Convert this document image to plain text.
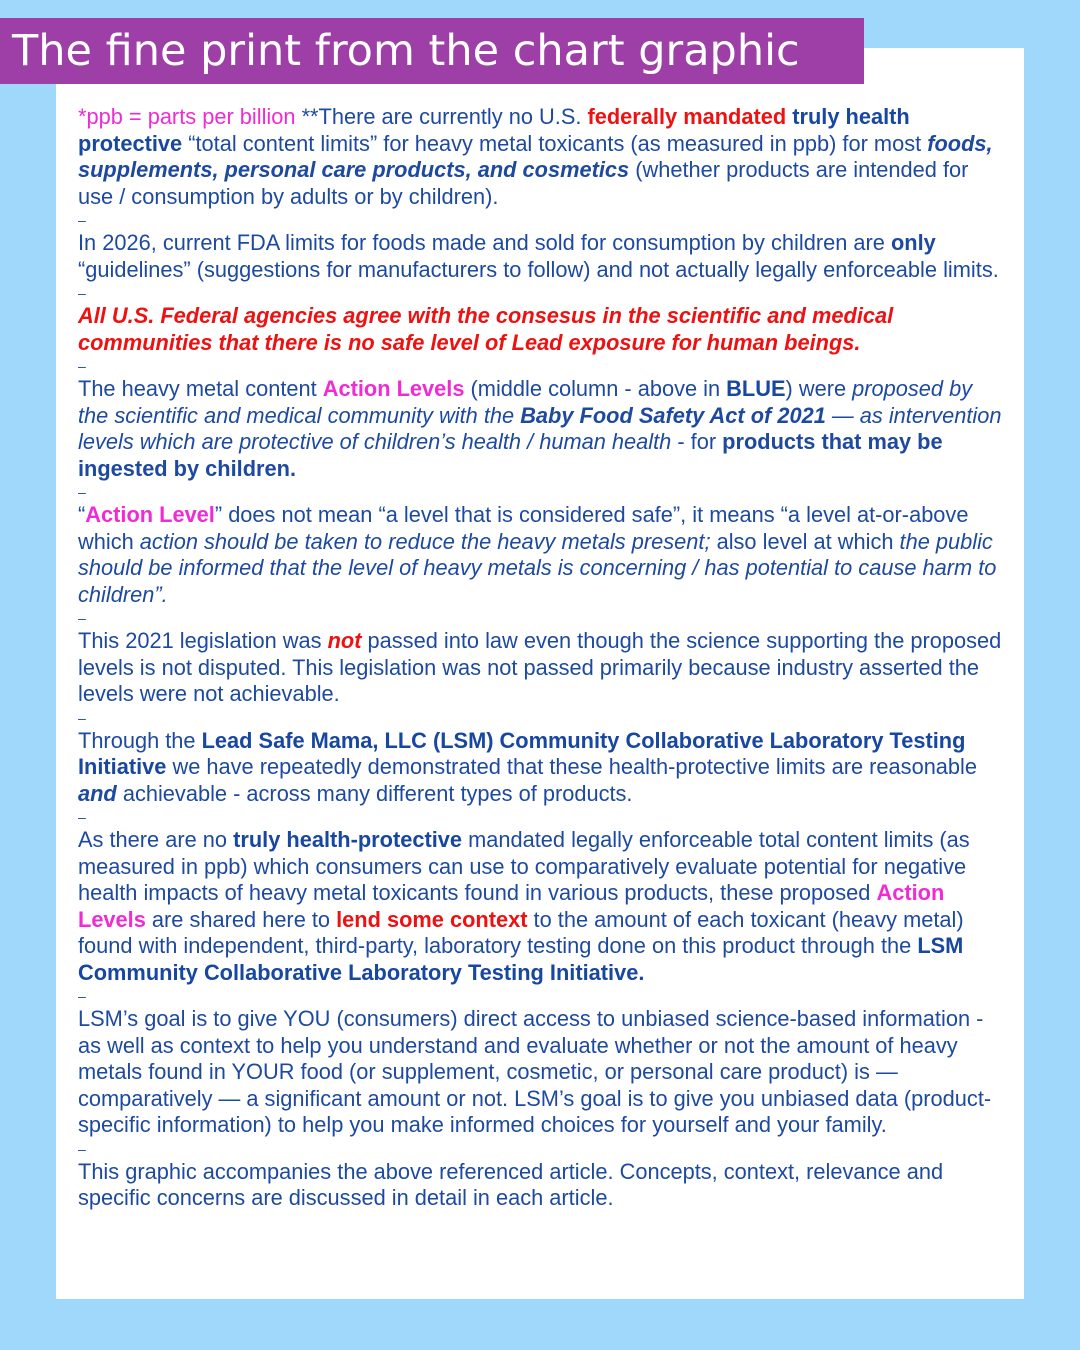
The fine print from the chart graphic

*ppb = parts per billion **There are currently no U.S. federally mandated truly health protective “total content limits” for heavy metal toxicants (as measured in ppb) for most foods, supplements, personal care products, and cosmetics (whether products are intended for use / consumption by adults or by children).

–

In 2026, current FDA limits for foods made and sold for consumption by children are only “guidelines” (suggestions for manufacturers to follow) and not actually legally enforceable limits.

–

All U.S. Federal agencies agree with the consesus in the scientific and medical communities that there is no safe level of Lead exposure for human beings.

–

The heavy metal content Action Levels (middle column - above in BLUE) were proposed by the scientific and medical community with the Baby Food Safety Act of 2021 — as intervention levels which are protective of children’s health / human health - for products that may be ingested by children.

–

“Action Level” does not mean “a level that is considered safe”, it means “a level at-or-above which action should be taken to reduce the heavy metals present; also level at which the public should be informed that the level of heavy metals is concerning / has potential to cause harm to children”.

–

This 2021 legislation was not passed into law even though the science supporting the proposed levels is not disputed. This legislation was not passed primarily because industry asserted the levels were not achievable.

–

Through the Lead Safe Mama, LLC (LSM) Community Collaborative Laboratory Testing Initiative we have repeatedly demonstrated that these health-protective limits are reasonable and achievable - across many different types of products.

–

As there are no truly health-protective mandated legally enforceable total content limits (as measured in ppb) which consumers can use to comparatively evaluate potential for negative health impacts of heavy metal toxicants found in various products, these proposed Action Levels are shared here to lend some context to the amount of each toxicant (heavy metal) found with independent, third-party, laboratory testing done on this product through the LSM Community Collaborative Laboratory Testing Initiative.

–

LSM’s goal is to give YOU (consumers) direct access to unbiased science-based information - as well as context to help you understand and evaluate whether or not the amount of heavy metals found in YOUR food (or supplement, cosmetic, or personal care product) is — comparatively — a significant amount or not. LSM’s goal is to give you unbiased data (product-specific information) to help you make informed choices for yourself and your family.

–

This graphic accompanies the above referenced article. Concepts, context, relevance and specific concerns are discussed in detail in each article.
